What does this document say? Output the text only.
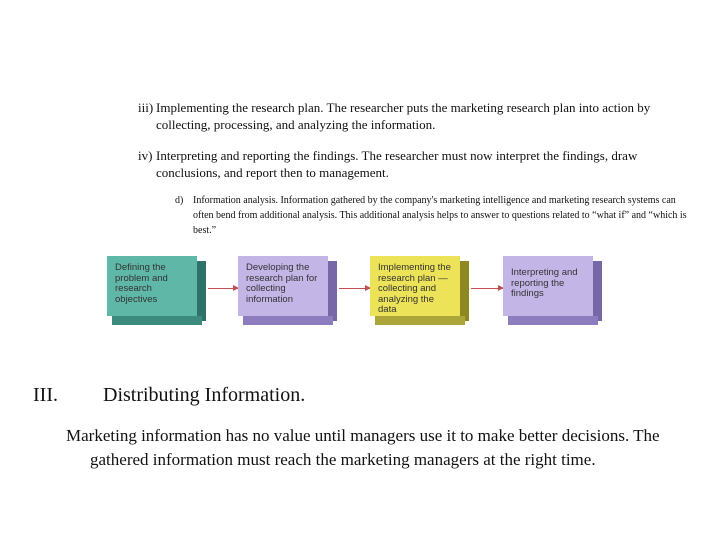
iii) Implementing the research plan. The researcher puts the marketing research plan into action by collecting, processing, and analyzing the information.

iv) Interpreting and reporting the findings. The researcher must now interpret the findings, draw conclusions, and report then to management.

d) Information analysis. Information gathered by the company's marketing intelligence and marketing research systems can often bend from additional analysis. This additional analysis helps to answer to questions related to “what if” and “which is best.”

Defining the problem and research objectives
Developing the research plan for collecting information
Implementing the research plan — collecting and analyzing the data
Interpreting and reporting the findings
III. Distributing Information.

Marketing information has no value until managers use it to make better decisions. The gathered information must reach the marketing managers at the right time.
